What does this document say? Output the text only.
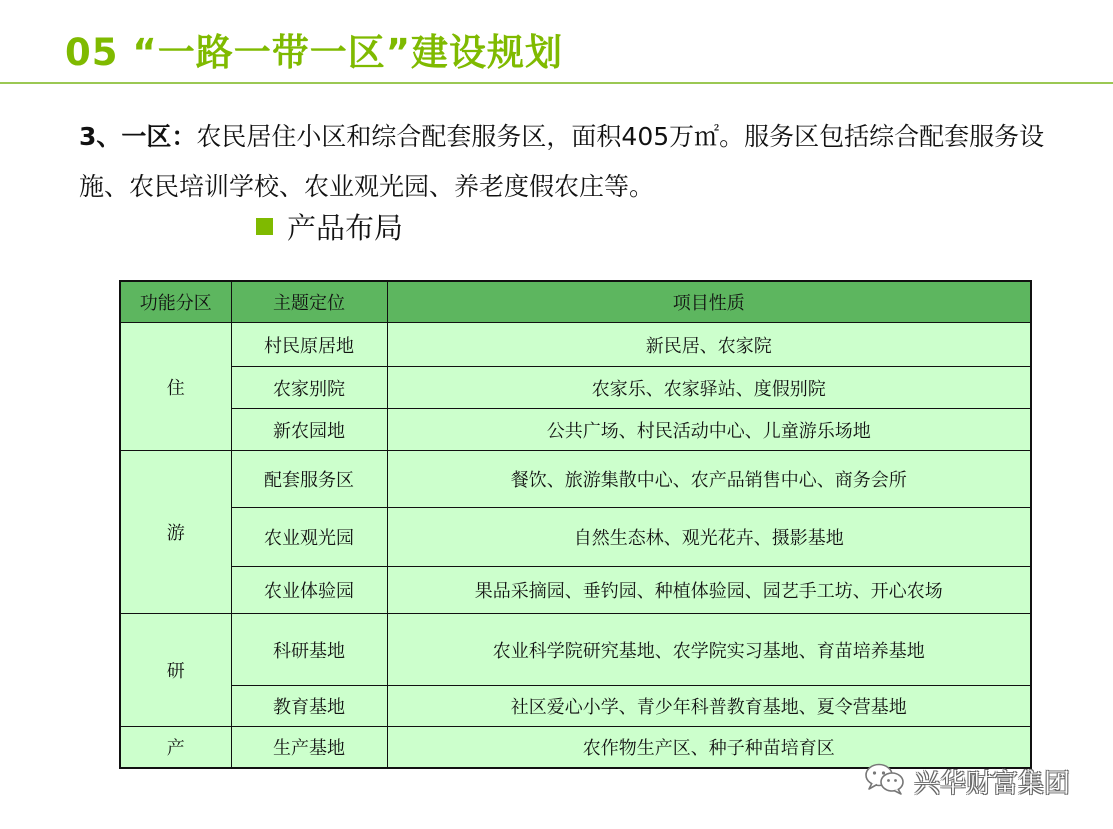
05 “一路一带一区”建设规划
3、一区：农民居住小区和综合配套服务区，面积405万㎡。服务区包括综合配套服务设施、农民培训学校、农业观光园、养老度假农庄等。
产品布局
功能分区	主题定位	项目性质
住	村民原居地	新民居、农家院
	农家别院	农家乐、农家驿站、度假别院
	新农园地	公共广场、村民活动中心、儿童游乐场地
游	配套服务区	餐饮、旅游集散中心、农产品销售中心、商务会所
	农业观光园	自然生态林、观光花卉、摄影基地
	农业体验园	果品采摘园、垂钓园、种植体验园、园艺手工坊、开心农场
研	科研基地	农业科学院研究基地、农学院实习基地、育苗培养基地
	教育基地	社区爱心小学、青少年科普教育基地、夏令营基地
产	生产基地	农作物生产区、种子种苗培育区
兴华财富集团
